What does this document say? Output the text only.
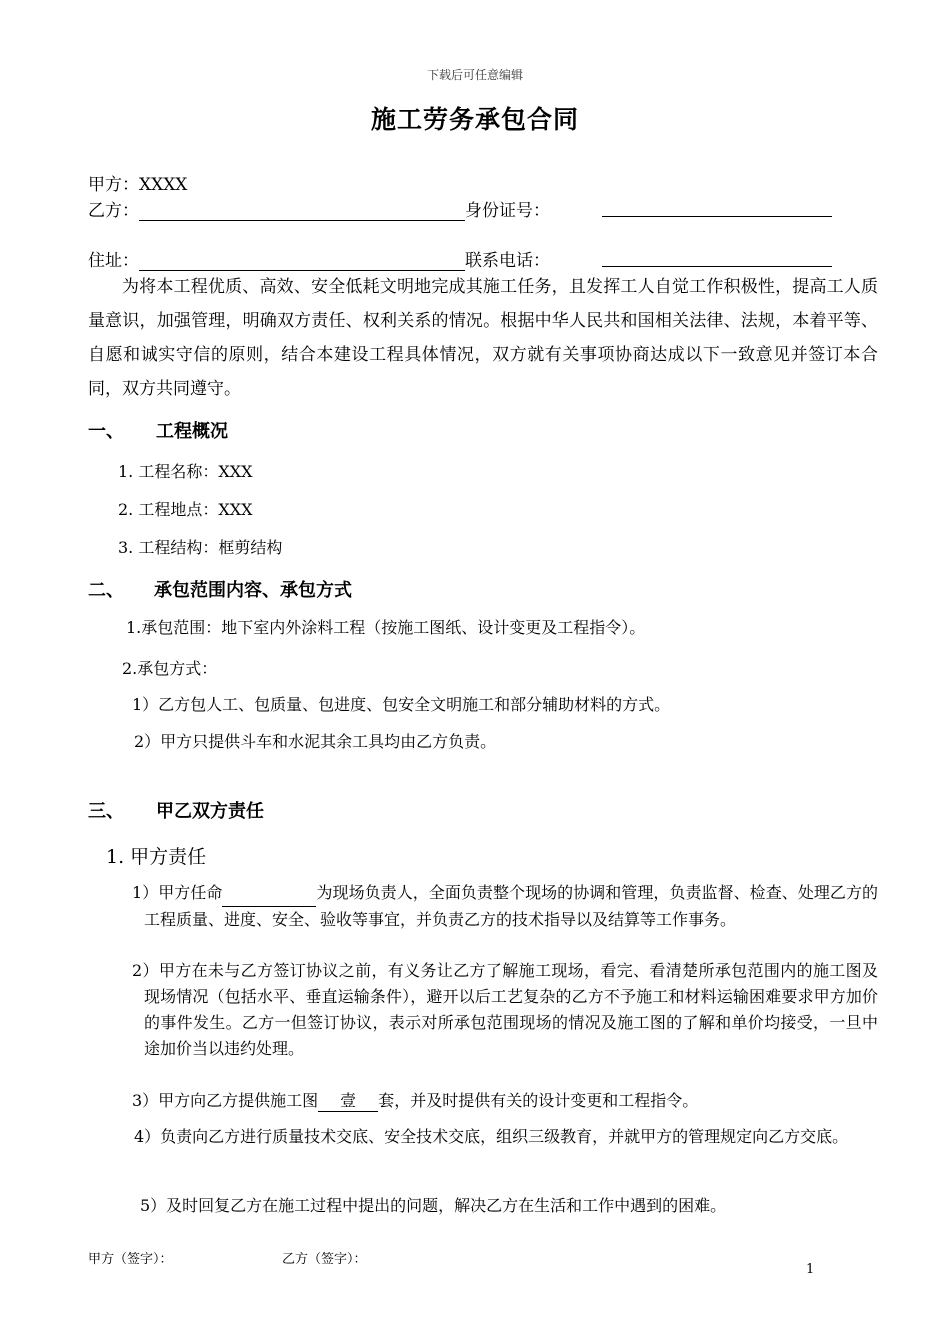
下载后可任意编辑
施工劳务承包合同
甲方：XXXX
乙方：	身份证号：
住址：	联系电话：
为将本工程优质、高效、安全低耗文明地完成其施工任务，且发挥工人自觉工作积极性，提高工人质量意识，加强管理，明确双方责任、权利关系的情况。根据中华人民共和国相关法律、法规，本着平等、自愿和诚实守信的原则，结合本建设工程具体情况，双方就有关事项协商达成以下一致意见并签订本合同，双方共同遵守。
一、 工程概况
1. 工程名称：XXX
2. 工程地点：XXX
3. 工程结构：框剪结构
二、 承包范围内容、承包方式
1.承包范围：地下室内外涂料工程（按施工图纸、设计变更及工程指令）。
2.承包方式：
1）乙方包人工、包质量、包进度、包安全文明施工和部分辅助材料的方式。
2）甲方只提供斗车和水泥其余工具均由乙方负责。
三、 甲乙双方责任
1. 甲方责任
1）甲方任命	为现场负责人，全面负责整个现场的协调和管理，负责监督、检查、处理乙方的工程质量、进度、安全、验收等事宜，并负责乙方的技术指导以及结算等工作事务。
2）甲方在未与乙方签订协议之前，有义务让乙方了解施工现场，看完、看清楚所承包范围内的施工图及现场情况（包括水平、垂直运输条件），避开以后工艺复杂的乙方不予施工和材料运输困难要求甲方加价的事件发生。乙方一但签订协议，表示对所承包范围现场的情况及施工图的了解和单价均接受，一旦中途加价当以违约处理。
3）甲方向乙方提供施工图 壹 套，并及时提供有关的设计变更和工程指令。
4）负责向乙方进行质量技术交底、安全技术交底，组织三级教育，并就甲方的管理规定向乙方交底。
5）及时回复乙方在施工过程中提出的问题，解决乙方在生活和工作中遇到的困难。
甲方（签字）：	乙方（签字）：
1
